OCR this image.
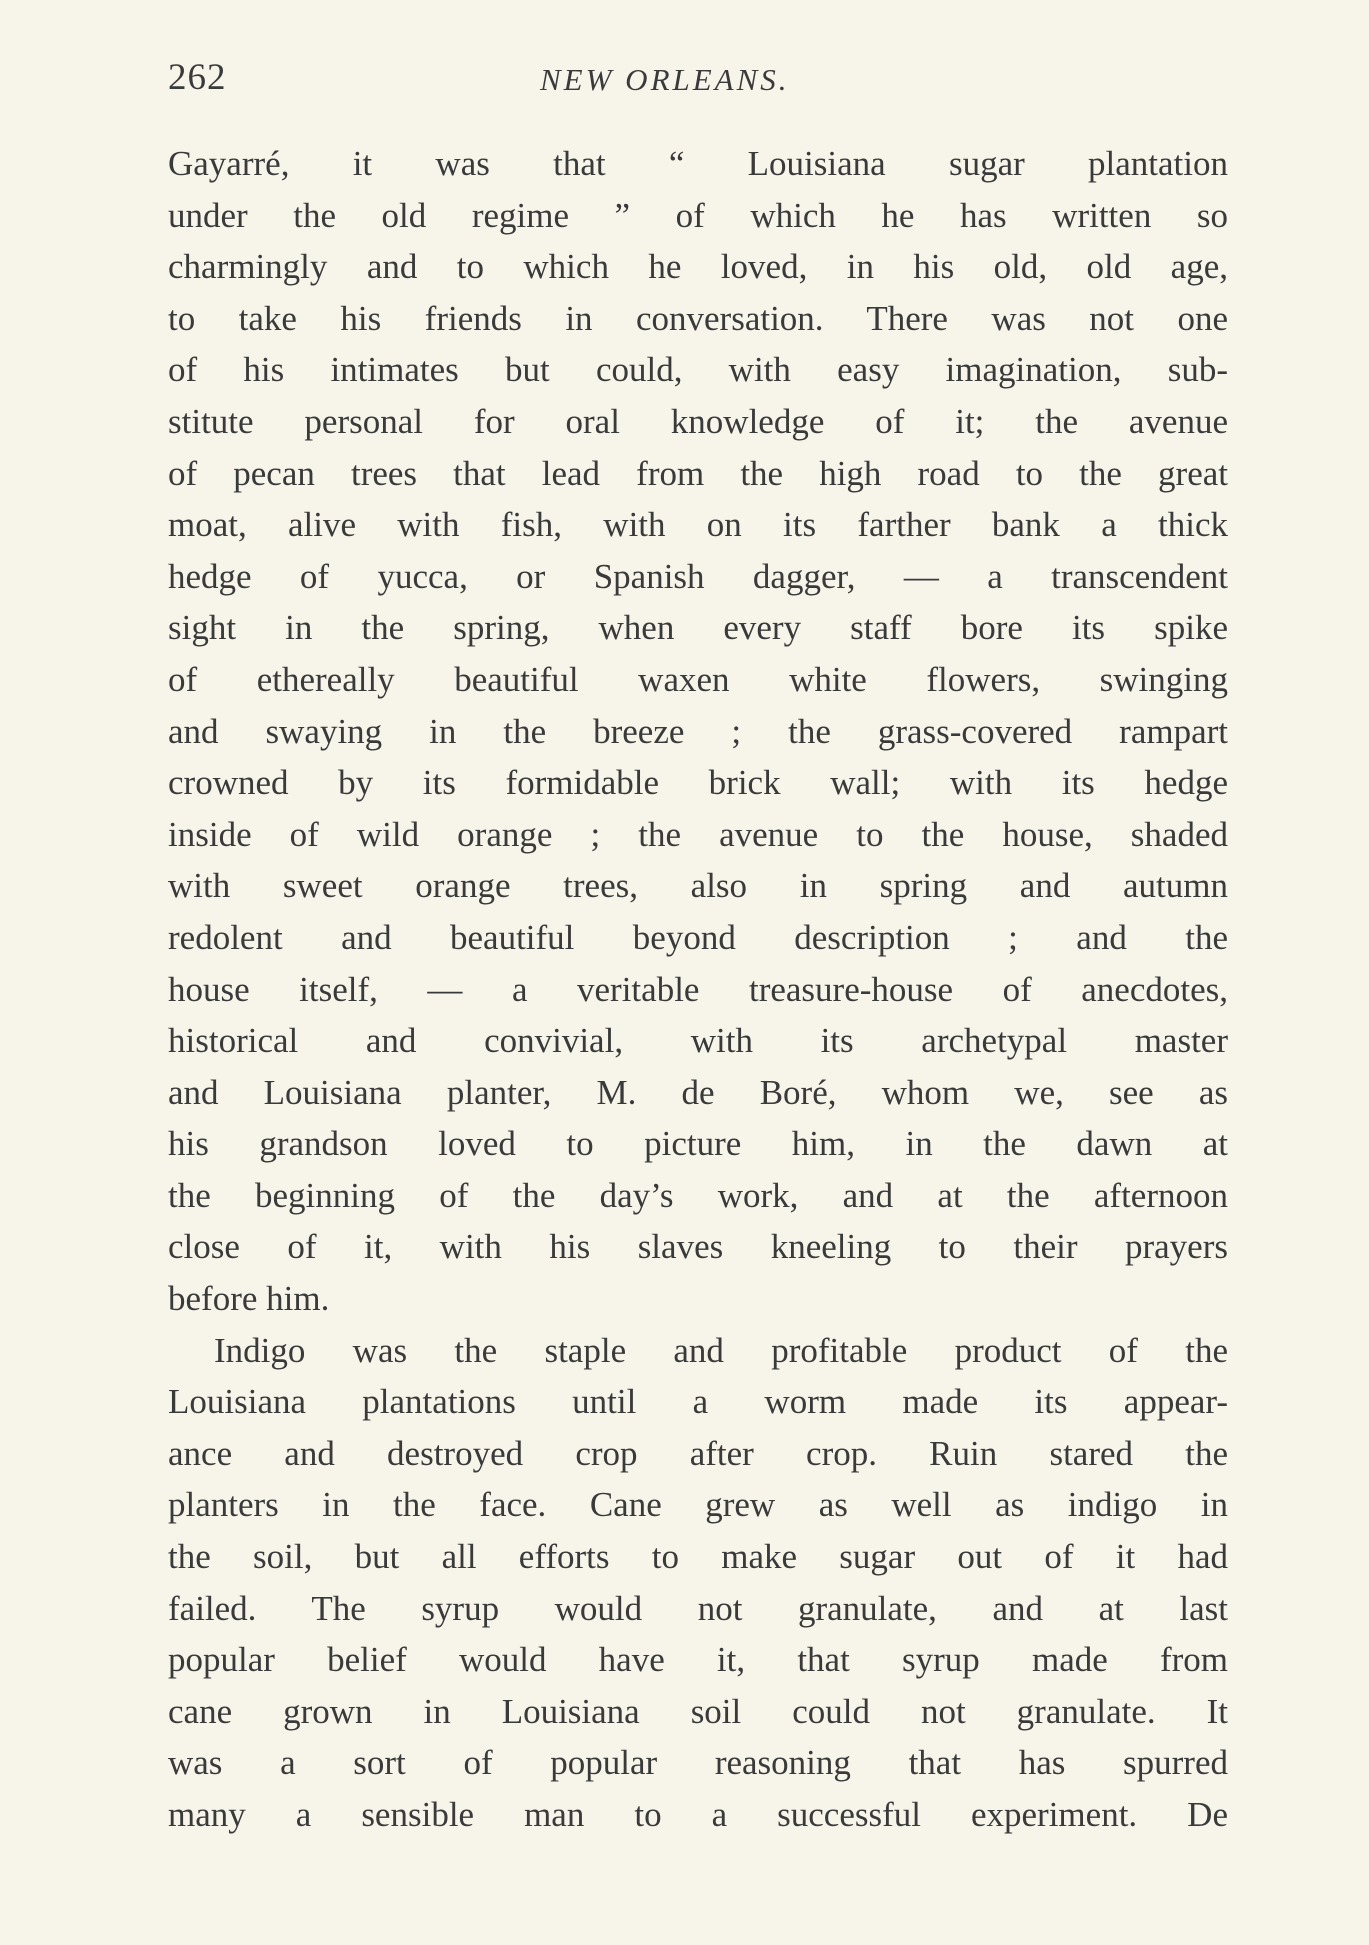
262	NEW ORLEANS.
Gayarré, it was that “ Louisiana sugar plantation
under the old regime ” of which he has written so
charmingly and to which he loved, in his old, old age,
to take his friends in conversation. There was not one
of his intimates but could, with easy imagination, sub-
stitute personal for oral knowledge of it; the avenue
of pecan trees that lead from the high road to the great
moat, alive with fish, with on its farther bank a thick
hedge of yucca, or Spanish dagger, — a transcendent
sight in the spring, when every staff bore its spike
of ethereally beautiful waxen white flowers, swinging
and swaying in the breeze ; the grass-covered rampart
crowned by its formidable brick wall; with its hedge
inside of wild orange ; the avenue to the house, shaded
with sweet orange trees, also in spring and autumn
redolent and beautiful beyond description ; and the
house itself, — a veritable treasure-house of anecdotes,
historical and convivial, with its archetypal master
and Louisiana planter, M. de Boré, whom we, see as
his grandson loved to picture him, in the dawn at
the beginning of the day’s work, and at the afternoon
close of it, with his slaves kneeling to their prayers
before him.
Indigo was the staple and profitable product of the
Louisiana plantations until a worm made its appear-
ance and destroyed crop after crop. Ruin stared the
planters in the face. Cane grew as well as indigo in
the soil, but all efforts to make sugar out of it had
failed. The syrup would not granulate, and at last
popular belief would have it, that syrup made from
cane grown in Louisiana soil could not granulate. It
was a sort of popular reasoning that has spurred
many a sensible man to a successful experiment. De
